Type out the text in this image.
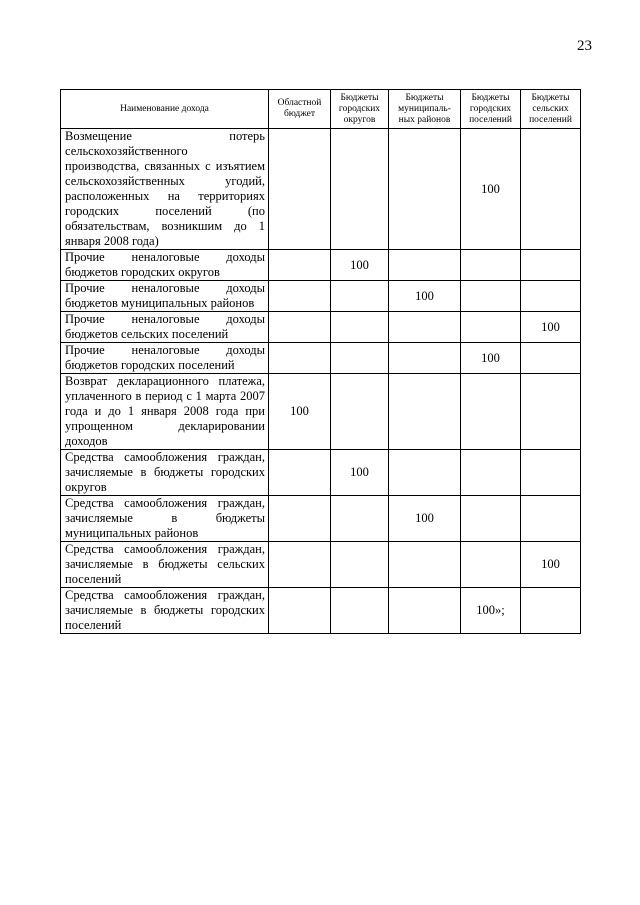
23
Наименование дохода	Областной бюджет	Бюджеты городских округов	Бюджеты муниципаль-ных районов	Бюджеты городских поселений	Бюджеты сельских поселений
Возмещение потерь сельскохозяйственного производства, связанных с изъятием сельскохозяйственных угодий, расположенных на территориях городских поселений (по обязательствам, возникшим до 1 января 2008 года)				100	
Прочие неналоговые доходы бюджетов городских округов		100			
Прочие неналоговые доходы бюджетов муниципальных районов			100		
Прочие неналоговые доходы бюджетов сельских поселений					100
Прочие неналоговые доходы бюджетов городских поселений				100	
Возврат декларационного платежа, уплаченного в период с 1 марта 2007 года и до 1 января 2008 года при упрощенном декларировании доходов	100				
Средства самообложения граждан, зачисляемые в бюджеты городских округов		100			
Средства самообложения граждан, зачисляемые в бюджеты муниципальных районов			100		
Средства самообложения граждан, зачисляемые в бюджеты сельских поселений					100
Средства самообложения граждан, зачисляемые в бюджеты городских поселений				100»;	
